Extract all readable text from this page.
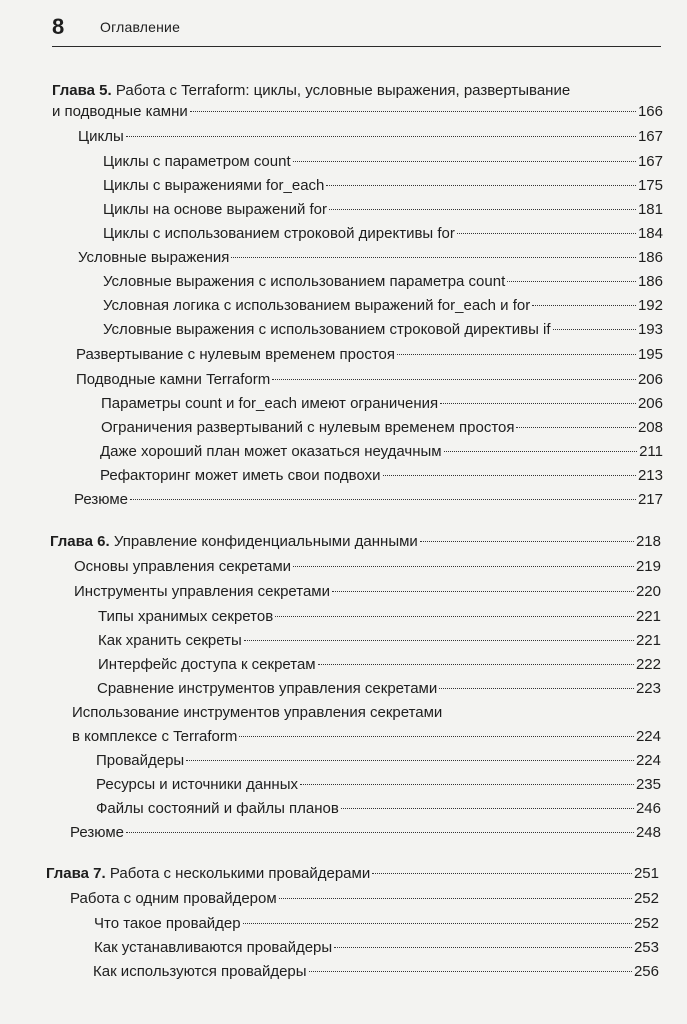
8	Оглавление
Глава 5. Работа с Terraform: циклы, условные выражения, развертывание
и подводные камни	166
Циклы	167
Циклы с параметром count	167
Циклы с выражениями for_each	175
Циклы на основе выражений for	181
Циклы с использованием строковой директивы for	184
Условные выражения	186
Условные выражения с использованием параметра count	186
Условная логика с использованием выражений for_each и for	192
Условные выражения с использованием строковой директивы if	193
Развертывание с нулевым временем простоя	195
Подводные камни Terraform	206
Параметры count и for_each имеют ограничения	206
Ограничения развертываний с нулевым временем простоя	208
Даже хороший план может оказаться неудачным	211
Рефакторинг может иметь свои подвохи	213
Резюме	217
Глава 6. Управление конфиденциальными данными	218
Основы управления секретами	219
Инструменты управления секретами	220
Типы хранимых секретов	221
Как хранить секреты	221
Интерфейс доступа к секретам	222
Сравнение инструментов управления секретами	223
Использование инструментов управления секретами
в комплексе с Terraform	224
Провайдеры	224
Ресурсы и источники данных	235
Файлы состояний и файлы планов	246
Резюме	248
Глава 7. Работа с несколькими провайдерами	251
Работа с одним провайдером	252
Что такое провайдер	252
Как устанавливаются провайдеры	253
Как используются провайдеры	256
